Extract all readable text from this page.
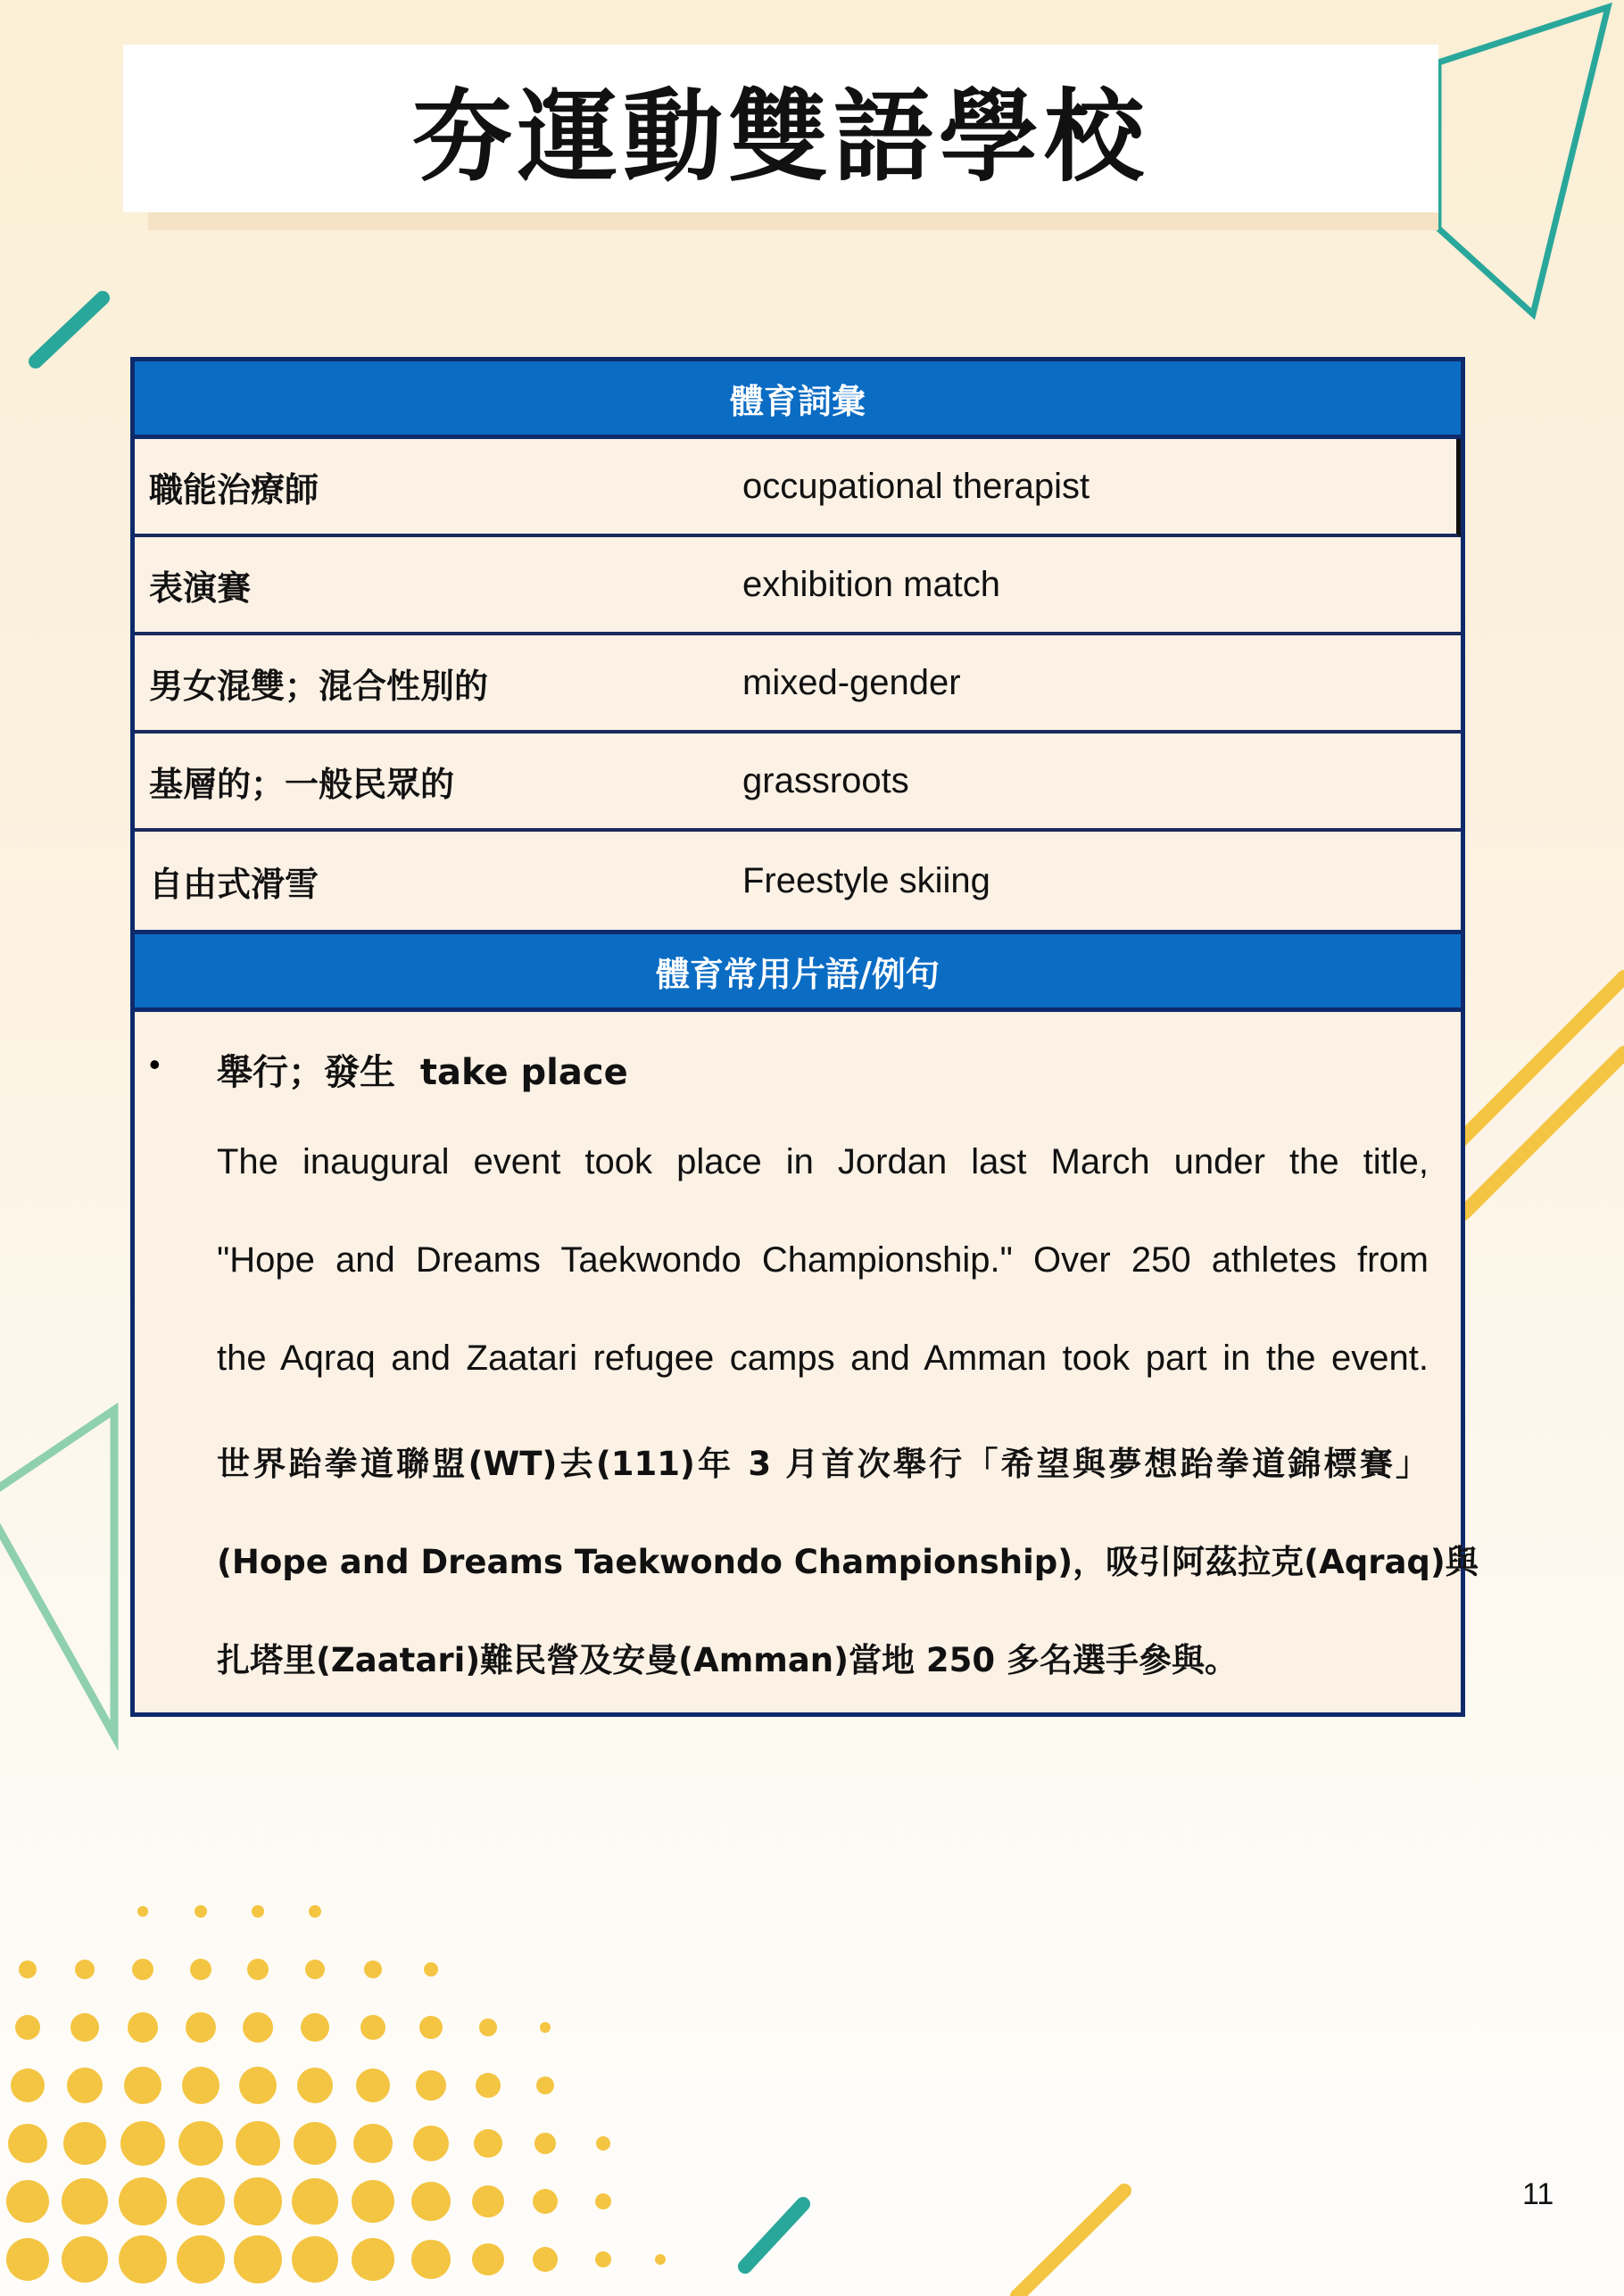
夯運動雙語學校
體育詞彙
職能治療師	occupational therapist
表演賽	exhibition match
男女混雙；混合性別的	mixed-gender
基層的；一般民眾的	grassroots
自由式滑雪	Freestyle skiing
體育常用片語/例句
• 舉行；發生  take place
The inaugural event took place in Jordan last March under the title,
"Hope and Dreams Taekwondo Championship." Over 250 athletes from
the Aqraq and Zaatari refugee camps and Amman took part in the event.
世界跆拳道聯盟(WT)去(111)年 3 月首次舉行「希望與夢想跆拳道錦標賽」
(Hope and Dreams Taekwondo Championship)，吸引阿茲拉克(Aqraq)與
扎塔里(Zaatari)難民營及安曼(Amman)當地 250 多名選手參與。
11
